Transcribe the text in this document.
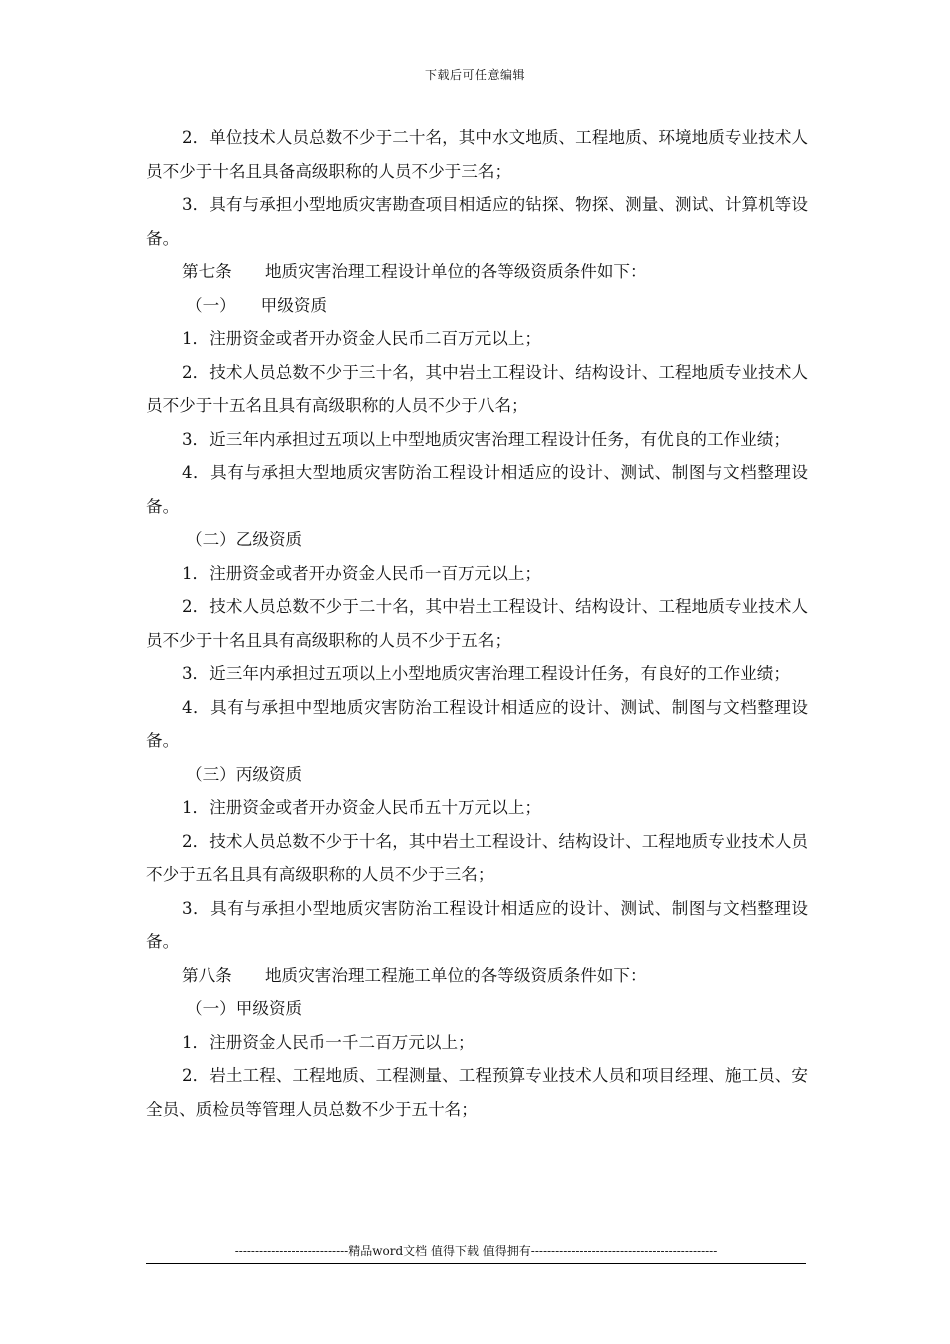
下载后可任意编辑

2．单位技术人员总数不少于二十名，其中水文地质、工程地质、环境地质专业技术人员不少于十名且具备高级职称的人员不少于三名；

3．具有与承担小型地质灾害勘查项目相适应的钻探、物探、测量、测试、计算机等设备。

第七条　　地质灾害治理工程设计单位的各等级资质条件如下：

（一）　　甲级资质

1．注册资金或者开办资金人民币二百万元以上；

2．技术人员总数不少于三十名，其中岩土工程设计、结构设计、工程地质专业技术人员不少于十五名且具有高级职称的人员不少于八名；

3．近三年内承担过五项以上中型地质灾害治理工程设计任务，有优良的工作业绩；

4．具有与承担大型地质灾害防治工程设计相适应的设计、测试、制图与文档整理设备。

（二）乙级资质

1．注册资金或者开办资金人民币一百万元以上；

2．技术人员总数不少于二十名，其中岩土工程设计、结构设计、工程地质专业技术人员不少于十名且具有高级职称的人员不少于五名；

3．近三年内承担过五项以上小型地质灾害治理工程设计任务，有良好的工作业绩；

4．具有与承担中型地质灾害防治工程设计相适应的设计、测试、制图与文档整理设备。

（三）丙级资质

1．注册资金或者开办资金人民币五十万元以上；

2．技术人员总数不少于十名，其中岩土工程设计、结构设计、工程地质专业技术人员不少于五名且具有高级职称的人员不少于三名；

3．具有与承担小型地质灾害防治工程设计相适应的设计、测试、制图与文档整理设备。

第八条　　地质灾害治理工程施工单位的各等级资质条件如下：

（一）甲级资质

1．注册资金人民币一千二百万元以上；

2．岩土工程、工程地质、工程测量、工程预算专业技术人员和项目经理、施工员、安全员、质检员等管理人员总数不少于五十名；

----------------------------精品word文档 值得下载 值得拥有----------------------------------------------
